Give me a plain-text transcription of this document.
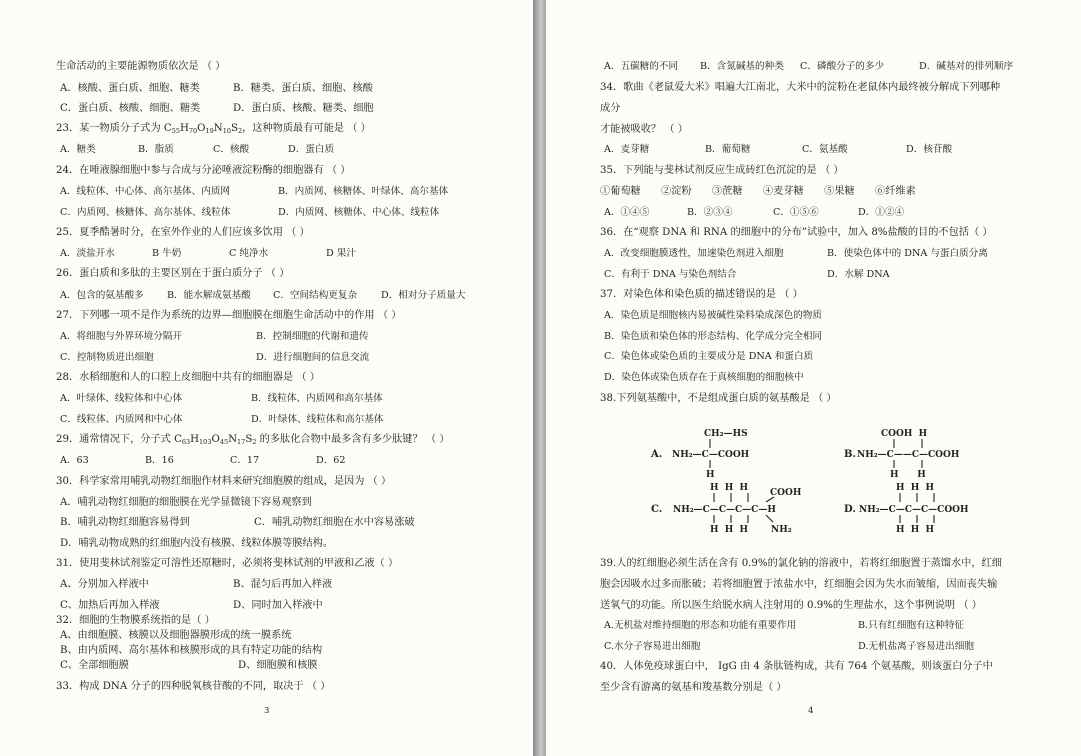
生命活动的主要能源物质依次是 （ ）
A．核酸、蛋白质、细胞、糖类	B．糖类、蛋白质、细胞、核酸
C．蛋白质、核酸、细胞、糖类	D．蛋白质、核酸、糖类、细胞
23．某一物质分子式为 $C_{55}H_{70}O_{19}N_{10}S_2$，这种物质最有可能是 （ ）
A．糖类	B．脂质	C．核酸	D．蛋白质
24．在唾液腺细胞中参与合成与分泌唾液淀粉酶的细胞器有 （ ）
A．线粒体、中心体、高尔基体、内质网	B．内质网、核糖体、叶绿体、高尔基体
C．内质网、核糖体、高尔基体、线粒体	D．内质网、核糖体、中心体、线粒体
25．夏季酷暑时分，在室外作业的人们应该多饮用 （ ）
A．淡盐开水	B 牛奶	C 纯净水	D 果汁
26．蛋白质和多肽的主要区别在于蛋白质分子 （ ）
A．包含的氨基酸多 B．能水解成氨基酸 C．空间结构更复杂 D．相对分子质量大
27．下列哪一项不是作为系统的边界—细胞膜在细胞生命活动中的作用 （ ）
A．将细胞与外界环境分隔开	B．控制细胞的代谢和遗传
C．控制物质进出细胞	D．进行细胞间的信息交流
28．水稻细胞和人的口腔上皮细胞中共有的细胞器是 （ ）
A．叶绿体、线粒体和中心体	B．线粒体、内质网和高尔基体
C．线粒体、内质网和中心体	D．叶绿体、线粒体和高尔基体
29．通常情况下，分子式 $C_{63}H_{103}O_{45}N_{17}S_2$ 的多肽化合物中最多含有多少肽键？ （ ）
A．63	B．16	C．17	D．62
30．科学家常用哺乳动物红细胞作材料来研究细胞膜的组成，是因为 （ ）
A．哺乳动物红细胞的细胞膜在光学显微镜下容易观察到
B．哺乳动物红细胞容易得到	C．哺乳动物红细胞在水中容易涨破
D．哺乳动物成熟的红细胞内没有核膜、线粒体膜等膜结构。
31．使用斐林试剂鉴定可溶性还原糖时，必须将斐林试剂的甲液和乙液（ ）
A、分别加入样液中	B、混匀后再加入样液
C、加热后再加入样液	D、同时加入样液中
32．细胞的生物膜系统指的是（ ）
A、由细胞膜、核膜以及细胞器膜形成的统一膜系统
B、由内质网、高尔基体和核膜形成的具有特定功能的结构
C、全部细胞膜	D、细胞膜和核膜
33．构成 DNA 分子的四种脱氧核苷酸的不同，取决于 （ ）
3
A．五碳糖的不同 B．含氮碱基的种类 C．磷酸分子的多少	D．碱基对的排列顺序
34．歌曲《老鼠爱大米》唱遍大江南北，大米中的淀粉在老鼠体内最终被分解成下列哪种
成分
才能被吸收？ （ ）
A．麦芽糖	B．葡萄糖	C．氨基酸	D．核苷酸
35．下列能与斐林试剂反应生成砖红色沉淀的是 （ ）
①葡萄糖　　②淀粉　　③蔗糖　　④麦芽糖　　⑤果糖　　⑥纤维素
A．①④⑤	B．②③④	C．①⑤⑥	D．①②④
36．在“观察 DNA 和 RNA 的细胞中的分布”试验中，加入 8%盐酸的目的不包括（ ）
A．改变细胞膜透性，加速染色剂进入细胞	B．使染色体中的 DNA 与蛋白质分离
C．有利于 DNA 与染色剂结合	D．水解 DNA
37．对染色体和染色质的描述错误的是 （ ）
A．染色质是细胞核内易被碱性染料染成深色的物质
B．染色质和染色体的形态结构、化学成分完全相同
C．染色体或染色质的主要成分是 DNA 和蛋白质
D．染色体或染色质存在于真核细胞的细胞核中
38.下列氨基酸中，不是组成蛋白质的氨基酸是 （ ）
A.
CH₂—HS
NH₂—C—COOH
H
B.
COOH  H
NH₂—C——C—COOH
H      H
C.
H  H  H COOH
NH₂—C—C—C—C—H
H  H  H	NH₂
D.
H  H  H
NH₂—C—C—C—COOH
H  H  H
39.人的红细胞必须生活在含有 0.9%的氯化钠的溶液中，若将红细胞置于蒸馏水中，红细
胞会因吸水过多而胀破；若将细胞置于浓盐水中，红细胞会因为失水而皱缩，因而丧失输
送氧气的功能。所以医生给脱水病人注射用的 0.9%的生理盐水，这个事例说明 （ ）
A.无机盐对维持细胞的形态和功能有重要作用	B.只有红细胞有这种特征
C.水分子容易进出细胞	D.无机盐离子容易进出细胞
40．人体免疫球蛋白中， IgG 由 4 条肽链构成，共有 764 个氨基酸，则该蛋白分子中
至少含有游离的氨基和羧基数分别是（ ）
4
